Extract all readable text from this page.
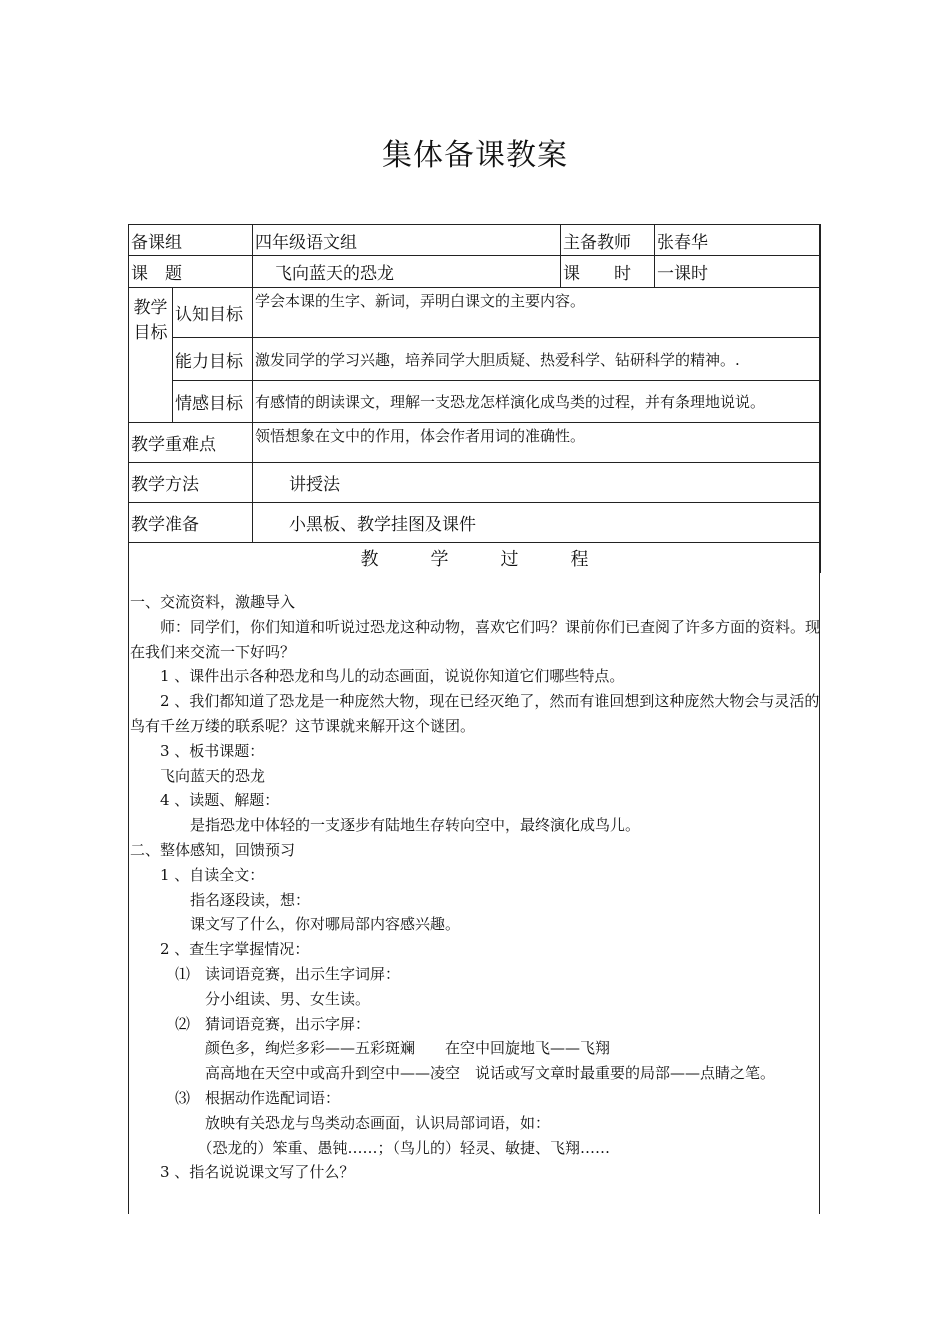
集体备课教案
备课组		四年级语文组	主备教师	张春华
课　题		飞向蓝天的恐龙	课　　时	一课时
教学目标	认知目标	学会本课的生字、新词，弄明白课文的主要内容。		
	能力目标	激发同学的学习兴趣，培养同学大胆质疑、热爱科学、钻研科学的精神。.		
	情感目标	有感情的朗读课文，理解一支恐龙怎样演化成鸟类的过程，并有条理地说说。		
教学重难点		领悟想象在文中的作用，体会作者用词的准确性。		
教学方法		讲授法		
教学准备		小黑板、教学挂图及课件		
教 学 过 程				

一、交流资料，激趣导入

　　师：同学们，你们知道和听说过恐龙这种动物，喜欢它们吗？课前你们已查阅了许多方面的资料。现在我们来交流一下好吗？

　　1 、课件出示各种恐龙和鸟儿的动态画面，说说你知道它们哪些特点。

　　2 、我们都知道了恐龙是一种庞然大物，现在已经灭绝了，然而有谁回想到这种庞然大物会与灵活的鸟有千丝万缕的联系呢？这节课就来解开这个谜团。

　　3 、板书课题：

　　飞向蓝天的恐龙

　　4 、读题、解题：

　　　　是指恐龙中体轻的一支逐步有陆地生存转向空中，最终演化成鸟儿。

二、整体感知，回馈预习

　　1 、自读全文：

　　　　指名逐段读，想：

　　　　课文写了什么，你对哪局部内容感兴趣。

　　2 、查生字掌握情况：

　　　⑴　读词语竞赛，出示生字词屏：

　　　　　分小组读、男、女生读。

　　　⑵　猜词语竞赛，出示字屏：

　　　　　颜色多，绚烂多彩——五彩斑斓　　在空中回旋地飞——飞翔

　　　　　高高地在天空中或高升到空中——凌空　说话或写文章时最重要的局部——点睛之笔。

　　　⑶　根据动作选配词语：

　　　　　放映有关恐龙与鸟类动态画面，认识局部词语，如：

　　　　　（恐龙的）笨重、愚钝……；（鸟儿的）轻灵、敏捷、飞翔……

　　3 、指名说说课文写了什么？
